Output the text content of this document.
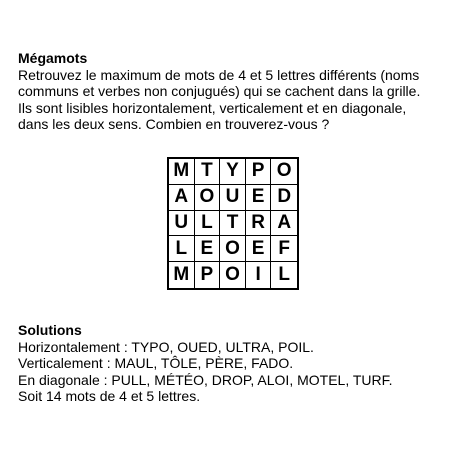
Mégamots
Retrouvez le maximum de mots de 4 et 5 lettres différents (noms
communs et verbes non conjugués) qui se cachent dans la grille.
Ils sont lisibles horizontalement, verticalement et en diagonale,
dans les deux sens. Combien en trouverez-vous ?
M T Y P O
A O U E D
U L T R A
L E O E F
M P O I L
Solutions
Horizontalement : TYPO, OUED, ULTRA, POIL.
Verticalement : MAUL, TÔLE, PÈRE, FADO.
En diagonale : PULL, MÉTÉO, DROP, ALOI, MOTEL, TURF.
Soit 14 mots de 4 et 5 lettres.
